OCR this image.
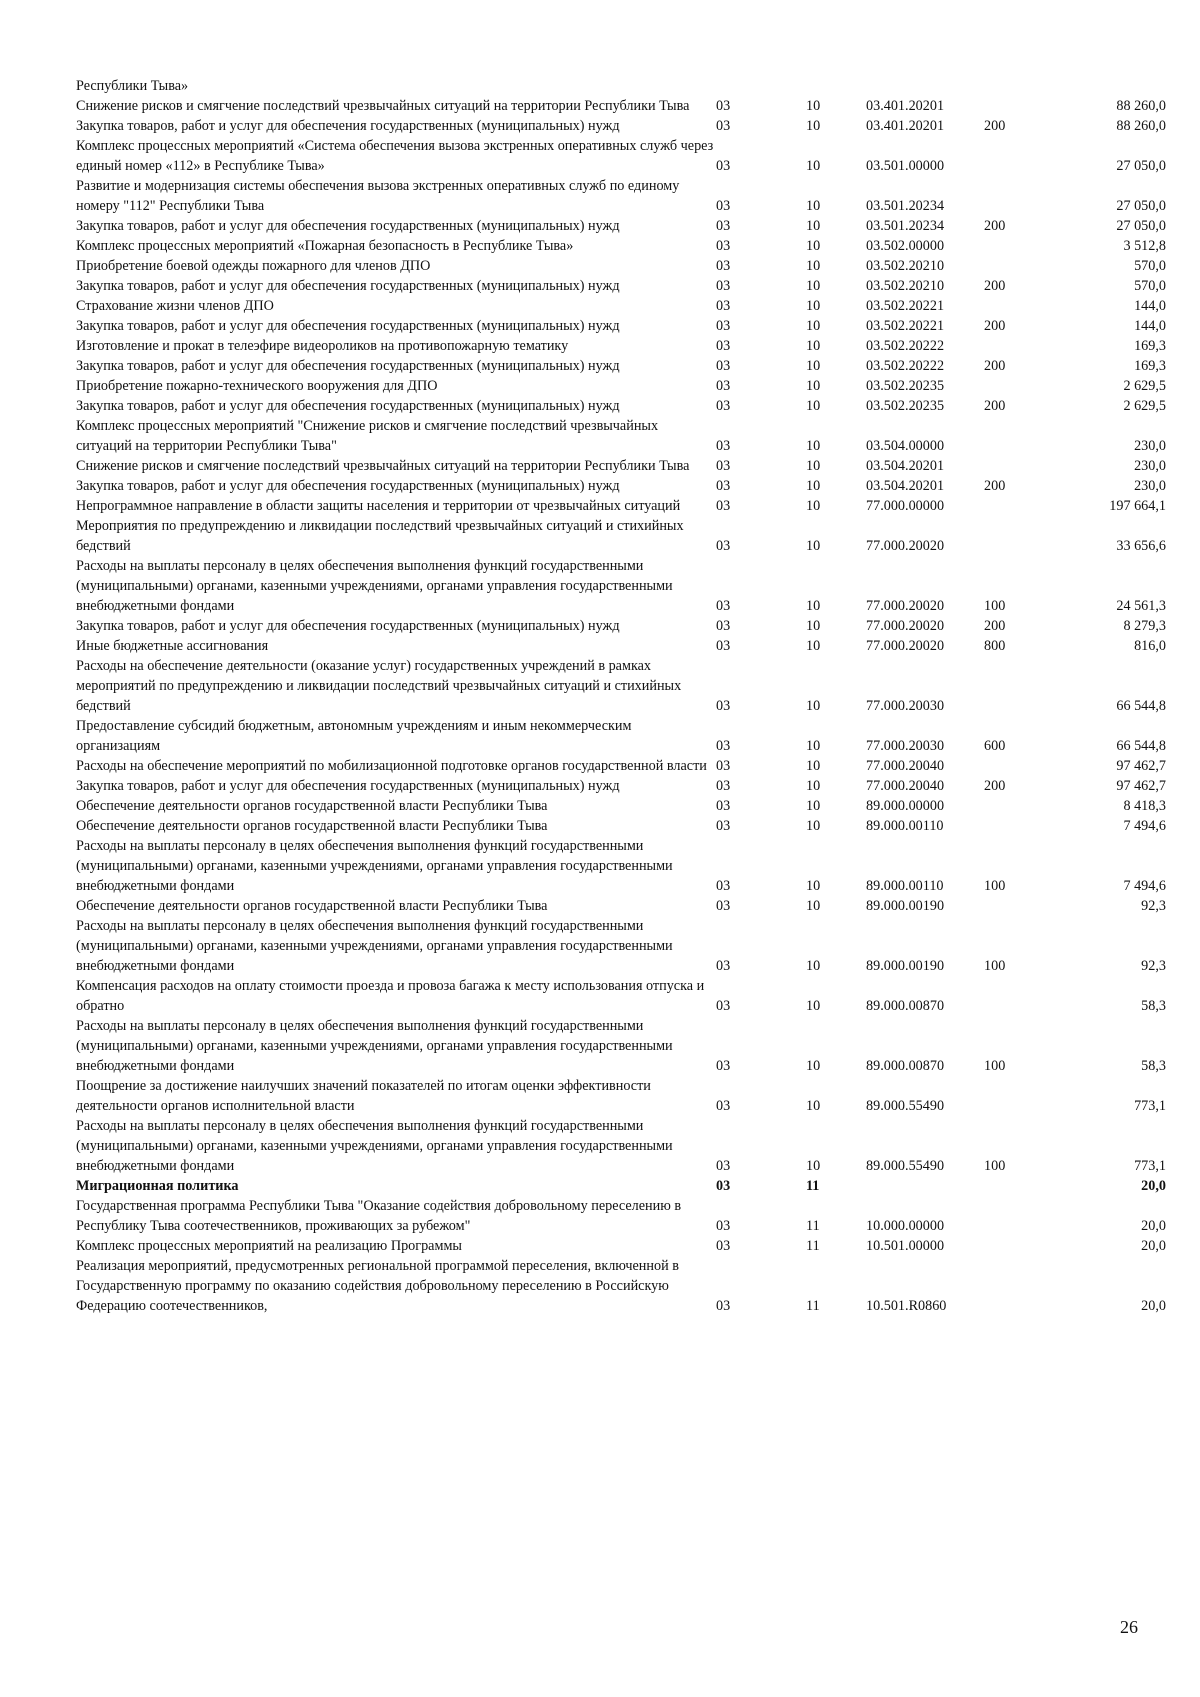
Республики Тыва»					
Снижение рисков и смягчение последствий чрезвычайных ситуаций на территории Республики Тыва	03	10	03.401.20201		88 260,0
Закупка товаров, работ и услуг для обеспечения государственных (муниципальных) нужд	03	10	03.401.20201	200	88 260,0
Комплекс процессных мероприятий «Система обеспечения вызова экстренных оперативных служб через единый номер «112» в Республике Тыва»	03	10	03.501.00000		27 050,0
Развитие и модернизация системы обеспечения вызова экстренных оперативных служб по единому номеру "112" Республики Тыва	03	10	03.501.20234		27 050,0
Закупка товаров, работ и услуг для обеспечения государственных (муниципальных) нужд	03	10	03.501.20234	200	27 050,0
Комплекс процессных мероприятий «Пожарная безопасность в Республике Тыва»	03	10	03.502.00000		3 512,8
Приобретение боевой одежды пожарного для членов ДПО	03	10	03.502.20210		570,0
Закупка товаров, работ и услуг для обеспечения государственных (муниципальных) нужд	03	10	03.502.20210	200	570,0
Страхование жизни членов ДПО	03	10	03.502.20221		144,0
Закупка товаров, работ и услуг для обеспечения государственных (муниципальных) нужд	03	10	03.502.20221	200	144,0
Изготовление и прокат в телеэфире видеороликов на противопожарную тематику	03	10	03.502.20222		169,3
Закупка товаров, работ и услуг для обеспечения государственных (муниципальных) нужд	03	10	03.502.20222	200	169,3
Приобретение пожарно-технического вооружения для ДПО	03	10	03.502.20235		2 629,5
Закупка товаров, работ и услуг для обеспечения государственных (муниципальных) нужд	03	10	03.502.20235	200	2 629,5
Комплекс процессных мероприятий "Снижение рисков и смягчение последствий чрезвычайных ситуаций на территории Республики Тыва"	03	10	03.504.00000		230,0
Снижение рисков и смягчение последствий чрезвычайных ситуаций на территории Республики Тыва	03	10	03.504.20201		230,0
Закупка товаров, работ и услуг для обеспечения государственных (муниципальных) нужд	03	10	03.504.20201	200	230,0
Непрограммное направление в области защиты населения и территории от чрезвычайных ситуаций	03	10	77.000.00000		197 664,1
Мероприятия по предупреждению и ликвидации последствий чрезвычайных ситуаций и стихийных бедствий	03	10	77.000.20020		33 656,6
Расходы на выплаты персоналу в целях обеспечения выполнения функций государственными (муниципальными) органами, казенными учреждениями, органами управления государственными внебюджетными фондами	03	10	77.000.20020	100	24 561,3
Закупка товаров, работ и услуг для обеспечения государственных (муниципальных) нужд	03	10	77.000.20020	200	8 279,3
Иные бюджетные ассигнования	03	10	77.000.20020	800	816,0
Расходы на обеспечение деятельности (оказание услуг) государственных учреждений в рамках мероприятий по предупреждению и ликвидации последствий чрезвычайных ситуаций и стихийных бедствий	03	10	77.000.20030		66 544,8
Предоставление субсидий бюджетным, автономным учреждениям и иным некоммерческим организациям	03	10	77.000.20030	600	66 544,8
Расходы на обеспечение мероприятий по мобилизационной подготовке органов государственной власти	03	10	77.000.20040		97 462,7
Закупка товаров, работ и услуг для обеспечения государственных (муниципальных) нужд	03	10	77.000.20040	200	97 462,7
Обеспечение деятельности органов государственной власти Республики Тыва	03	10	89.000.00000		8 418,3
Обеспечение деятельности органов государственной власти Республики Тыва	03	10	89.000.00110		7 494,6
Расходы на выплаты персоналу в целях обеспечения выполнения функций государственными (муниципальными) органами, казенными учреждениями, органами управления государственными внебюджетными фондами	03	10	89.000.00110	100	7 494,6
Обеспечение деятельности органов государственной власти Республики Тыва	03	10	89.000.00190		92,3
Расходы на выплаты персоналу в целях обеспечения выполнения функций государственными (муниципальными) органами, казенными учреждениями, органами управления государственными внебюджетными фондами	03	10	89.000.00190	100	92,3
Компенсация расходов на оплату стоимости проезда и провоза багажа к месту использования отпуска и обратно	03	10	89.000.00870		58,3
Расходы на выплаты персоналу в целях обеспечения выполнения функций государственными (муниципальными) органами, казенными учреждениями, органами управления государственными внебюджетными фондами	03	10	89.000.00870	100	58,3
Поощрение за достижение наилучших значений показателей по итогам оценки эффективности деятельности органов исполнительной власти	03	10	89.000.55490		773,1
Расходы на выплаты персоналу в целях обеспечения выполнения функций государственными (муниципальными) органами, казенными учреждениями, органами управления государственными внебюджетными фондами	03	10	89.000.55490	100	773,1
Миграционная политика	03	11			20,0
Государственная программа Республики Тыва "Оказание содействия добровольному переселению в Республику Тыва соотечественников, проживающих за рубежом"	03	11	10.000.00000		20,0
Комплекс процессных мероприятий на реализацию Программы	03	11	10.501.00000		20,0
Реализация мероприятий, предусмотренных региональной программой переселения, включенной в Государственную программу по оказанию содействия добровольному переселению в Российскую Федерацию соотечественников,	03	11	10.501.R0860		20,0
26
